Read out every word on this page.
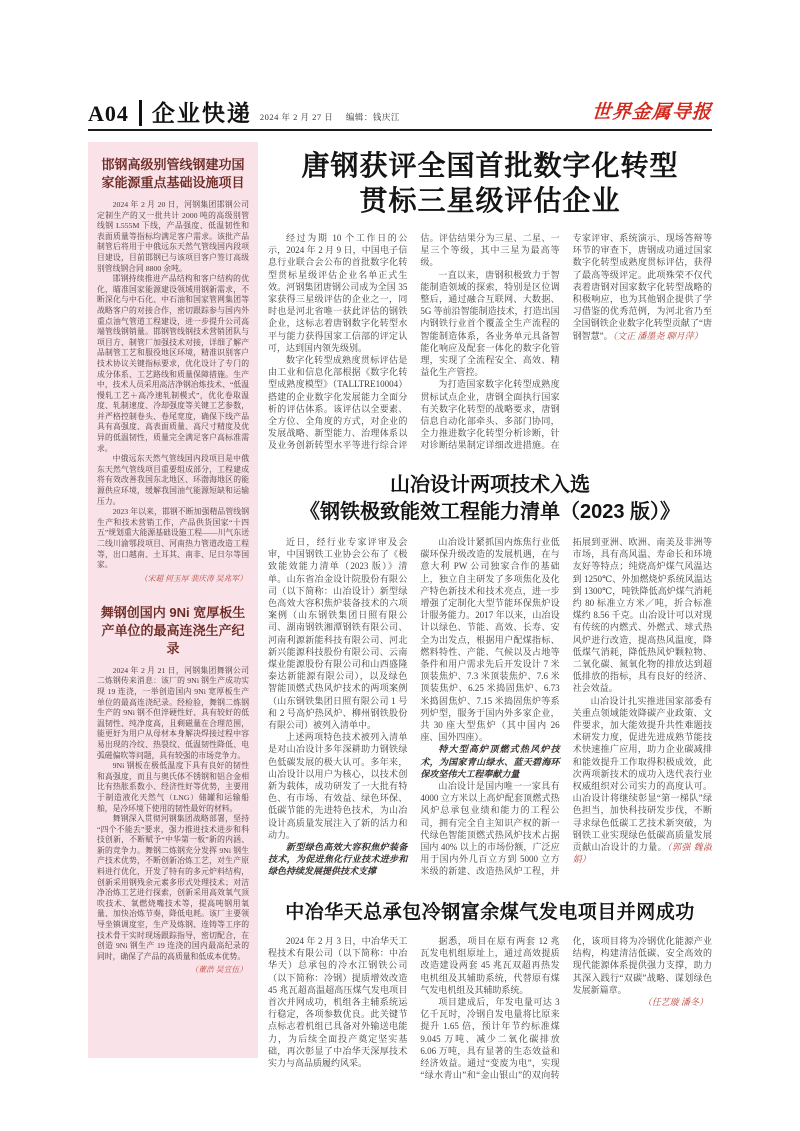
A04 企业快递 2024 年 2 月 27 日 编辑：钱庆江	世界金属导报
邯钢高级别管线钢建功国家能源重点基础设施项目

2024 年 2 月 20 日，河钢集团邯钢公司定制生产的又一批共计 2000 吨的高级别管线钢 L555M 下线，产品强度、低温韧性和表面质量等指标均满足客户需求。该批产品制管后将用于中俄远东天然气管线国内段项目建设，目前邯钢已与该项目客户签订高级别管线钢合同 8800 余吨。

邯钢持续推进产品结构和客户结构的优化，瞄准国家能源建设领域用钢新需求，不断深化与中石化、中石油和国家管网集团等战略客户的对接合作，密切跟踪参与国内外重点油气管道工程建设，进一步提升公司高端管线钢销量。邯钢管线钢技术营销团队与项目方、制管厂加强技术对接，详细了解产品制管工艺和服役地区环境，精准识别客户技术协议关键指标要求，优化设计了专门的成分体系、工艺路线和质量保障措施。生产中，技术人员采用高洁净钢冶炼技术、“低温慢轧工艺＋高冷速轧制模式”，优化卷取温度、轧制速度、冷却强度等关键工艺参数，并严格控制卷头、卷尾宽度，确保下线产品具有高强度、高表面质量、高尺寸精度及优异的低温韧性，质量完全满足客户高标准需求。

中俄远东天然气管线国内段项目是中俄东天然气管线项目重要组成部分，工程建成将有效改善我国东北地区、环渤海地区的能源供应环境，缓解我国油气能源短缺和运输压力。

2023 年以来，邯钢不断加强精品管线钢生产和技术营销工作，产品供货国家“十四五”规划重大能源基础设施工程——川气东送二线川渝鄂段项目、河南热力管道改造工程等，出口越南、土耳其、南非、尼日尔等国家。

（宋超 何玉厚 裴庆涛 吴兆军）

舞钢创国内 9Ni 宽厚板生产单位的最高连浇生产纪录

2024 年 2 月 21 日，河钢集团舞钢公司二炼钢传来消息：该厂的 9Ni 钢生产成功实现 19 连浇，一举创造国内 9Ni 宽厚板生产单位的最高连浇纪录。经检验，舞钢二炼钢生产的 9Ni 钢不但淬硬性好、具有较好的低温韧性、纯净度高，且剩磁量在合理范围，能更好为用户从母材本身解决焊接过程中容易出现的冷纹、热裂纹、低温韧性降低、电弧磁偏吹等问题，具有较强的市场竞争力。

9Ni 钢板在极低温度下具有良好的韧性和高强度，而且与奥氏体不锈钢和铝合金相比有热胀系数小、经济性好等优势，主要用于制造液化天然气（LNG）储罐和运输船舶，是冷环境下使用的韧性最好的材料。

舞钢深入贯彻河钢集团战略部署，坚持“四个不能丢”要求，强力推进技术进步和科技创新，不断赋予“中华第一板”新的内涵、新的竞争力。舞钢二炼钢充分发挥 9Ni 钢生产技术优势，不断创新冶炼工艺，对生产原料进行优化，开发了特有的多元炉料结构，创新采用钢残余元素多形式处理技术；对洁净冶炼工艺进行探索，创新采用高效氧气顶吹技术、氧燃烧嘴技术等，提高吨钢用氧量、加快冶炼节奏，降低电耗。该厂主要领导坐镇调度室，生产及炼钢、连铸等工序的技术骨干实时现场跟踪指导，密切配合，在创造 9Ni 钢生产 19 连浇的国内最高纪录的同时，确保了产品的高质量和低成本优势。

（董浩 吴宣伍）

唐钢获评全国首批数字化转型
贯标三星级评估企业

经过为期 10 个工作日的公示，2024 年 2 月 9 日，中国电子信息行业联合会公布的首批数字化转型贯标星级评估企业名单正式生效。河钢集团唐钢公司成为全国 35 家获得三星级评估的企业之一，同时也是河北省唯一获此评估的钢铁企业，这标志着唐钢数字化转型水平与能力获得国家工信部的评定认可，达到国内领先级别。

数字化转型成熟度贯标评估是由工业和信息化部根据《数字化转型成熟度模型》（TALLTRE10004）搭建的企业数字化发展能力全面分析的评估体系。该评估以全要素、全方位、全角度的方式，对企业的发展战略、新型能力、治理体系以及业务创新转型水平等进行综合评估。评估结果分为三星、二星、一星三个等级，其中三星为最高等级。

一直以来，唐钢积极致力于智能制造领域的探索，特别是区位调整后，通过融合互联网、大数据、5G 等前沿智能制造技术，打造出国内钢铁行业首个覆盖全生产流程的智能制造体系，各业务单元具备智能化响应及配套一体化的数字化管理，实现了全流程安全、高效、精益化生产管控。

为打造国家数字化转型成熟度贯标试点企业，唐钢全面执行国家有关数字化转型的战略要求，唐钢信息自动化部牵头、多部门协同，全力推进数字化转型分析诊断，针对诊断结果制定详细改进措施。在专家评审、系统演示、现场答辩等环节的审查下，唐钢成功通过国家数字化转型成熟度贯标评估，获得了最高等级评定。此项殊荣不仅代表着唐钢对国家数字化转型战略的积极响应，也为其他钢企提供了学习借鉴的优秀范例，为河北省乃至全国钢铁企业数字化转型贡献了“唐钢智慧”。（文正 潘墨尧 聊月萍）

山冶设计两项技术入选
《钢铁极致能效工程能力清单（2023 版）》

近日，经行业专家评审及会审，中国钢铁工业协会公布了《极致能效能力清单（2023 版）》清单。山东省冶金设计院股份有限公司（以下简称：山冶设计）新型绿色高效大容积焦炉装备技术的六项案例（山东钢铁集团日照有限公司、湖南钢铁湘潭钢铁有限公司、河南利源新能科技有限公司、河北新兴能源科技股份有限公司、云南煤业能源股份有限公司和山西盛隆泰达新能源有限公司），以及绿色智能顶燃式热风炉技术的两项案例（山东钢铁集团日照有限公司 1 号和 2 号高炉热风炉、柳州钢铁股份有限公司）被列入清单中。

上述两项特色技术被列入清单是对山冶设计多年深耕助力钢铁绿色低碳发展的极大认可。多年来，山冶设计以用户为核心，以技术创新为载体，成功研发了一大批有特色、有市场、有效益、绿色环保、低碳节能的先进特色技术，为山冶设计高质量发展注入了新的活力和动力。

新型绿色高效大容积焦炉装备技术，为促进焦化行业技术进步和绿色持续发展提供技术支撑

山冶设计紧抓国内炼焦行业低碳环保升级改造的发展机遇，在与意大利 PW 公司独家合作的基础上，独立自主研发了多项焦化及化产特色新技术和技术亮点，进一步增强了定制化大型节能环保焦炉设计服务能力。2017 年以来，山冶设计以绿色、节能、高效、长寿、安全为出发点，根据用户配煤指标、燃料特性、产能、气候以及占地等条件和用户需求先后开发设计 7 米顶装焦炉、7.3 米顶装焦炉、7.6 米顶装焦炉、6.25 米捣固焦炉、6.73 米捣固焦炉、7.15 米捣固焦炉等系列炉型，服务于国内外多家企业，共 30 座大型焦炉（其中国内 26 座、国外四座）。

特大型高炉顶燃式热风炉技术，为国家青山绿水、蓝天碧海环保攻坚伟大工程奉献力量

山冶设计是国内唯一一家具有 4000 立方米以上高炉配套顶燃式热风炉总承包业绩和能力的工程公司，拥有完全自主知识产权的新一代绿色智能顶燃式热风炉技术占据国内 40% 以上的市场份额，广泛应用于国内外几百立方到 5000 立方米级的新建、改造热风炉工程，并拓展到亚洲、欧洲、南美及非洲等市场，具有高风温、寿命长和环境友好等特点；纯烧高炉煤气风温达到 1250℃、外加燃烧炉系统风温达到 1300℃，吨铁降低高炉煤气消耗约 80 标准立方米／吨，折合标准煤约 8.56 千克。山冶设计可以对现有传统的内燃式、外燃式、球式热风炉进行改造，提高热风温度，降低煤气消耗，降低热风炉颗粒物、二氧化碳、氮氧化物的排放达到超低排放的指标，具有良好的经济、社会效益。

山冶设计扎实推进国家部委有关重点领域能效降碳产业政策、文件要求，加大能效提升共性难题技术研发力度，促进先进成熟节能技术快速推广应用，助力企业碳减排和能效提升工作取得积极成效，此次两项新技术的成功入选代表行业权威组织对公司实力的高度认可。山冶设计将继续彰显“第一梯队”绿色担当，加快科技研发步伐，不断寻求绿色低碳工艺技术新突破，为钢铁工业实现绿色低碳高质量发展贡献山冶设计的力量。（郭强 魏淑娟）

中冶华天总承包冷钢富余煤气发电项目并网成功

2024 年 2 月 3 日，中冶华天工程技术有限公司（以下简称：中冶华天）总承包的冷水江钢铁公司（以下简称：冷钢）提质增效改造 45 兆瓦超高温超高压煤气发电项目首次并网成功，机组各主辅系统运行稳定，各项参数优良。此关键节点标志着机组已具备对外输送电能力，为后续全面投产奠定坚实基础，再次彰显了中冶华天深厚技术实力与高品质履约风采。

据悉，项目在原有两套 12 兆瓦发电机组原址上，通过高效提质改造建设两套 45 兆瓦双超再热发电机组及其辅助系统，代替原有煤气发电机组及其辅助系统。

项目建成后，年发电量可达 3 亿千瓦时，冷钢自发电量将比原来提升 1.65 倍，预计年节约标准煤 9.045 万吨、减少二氧化碳排放 6.06 万吨，具有显著的生态效益和经济效益。通过“变废为电”，实现“绿水青山”和“金山银山”的双向转化，该项目将为冷钢优化能源产业结构，构建清洁低碳、安全高效的现代能源体系提供强力支撑，助力其深入践行“双碳”战略、谋划绿色发展新篇章。

（任艺璇 潘冬）
